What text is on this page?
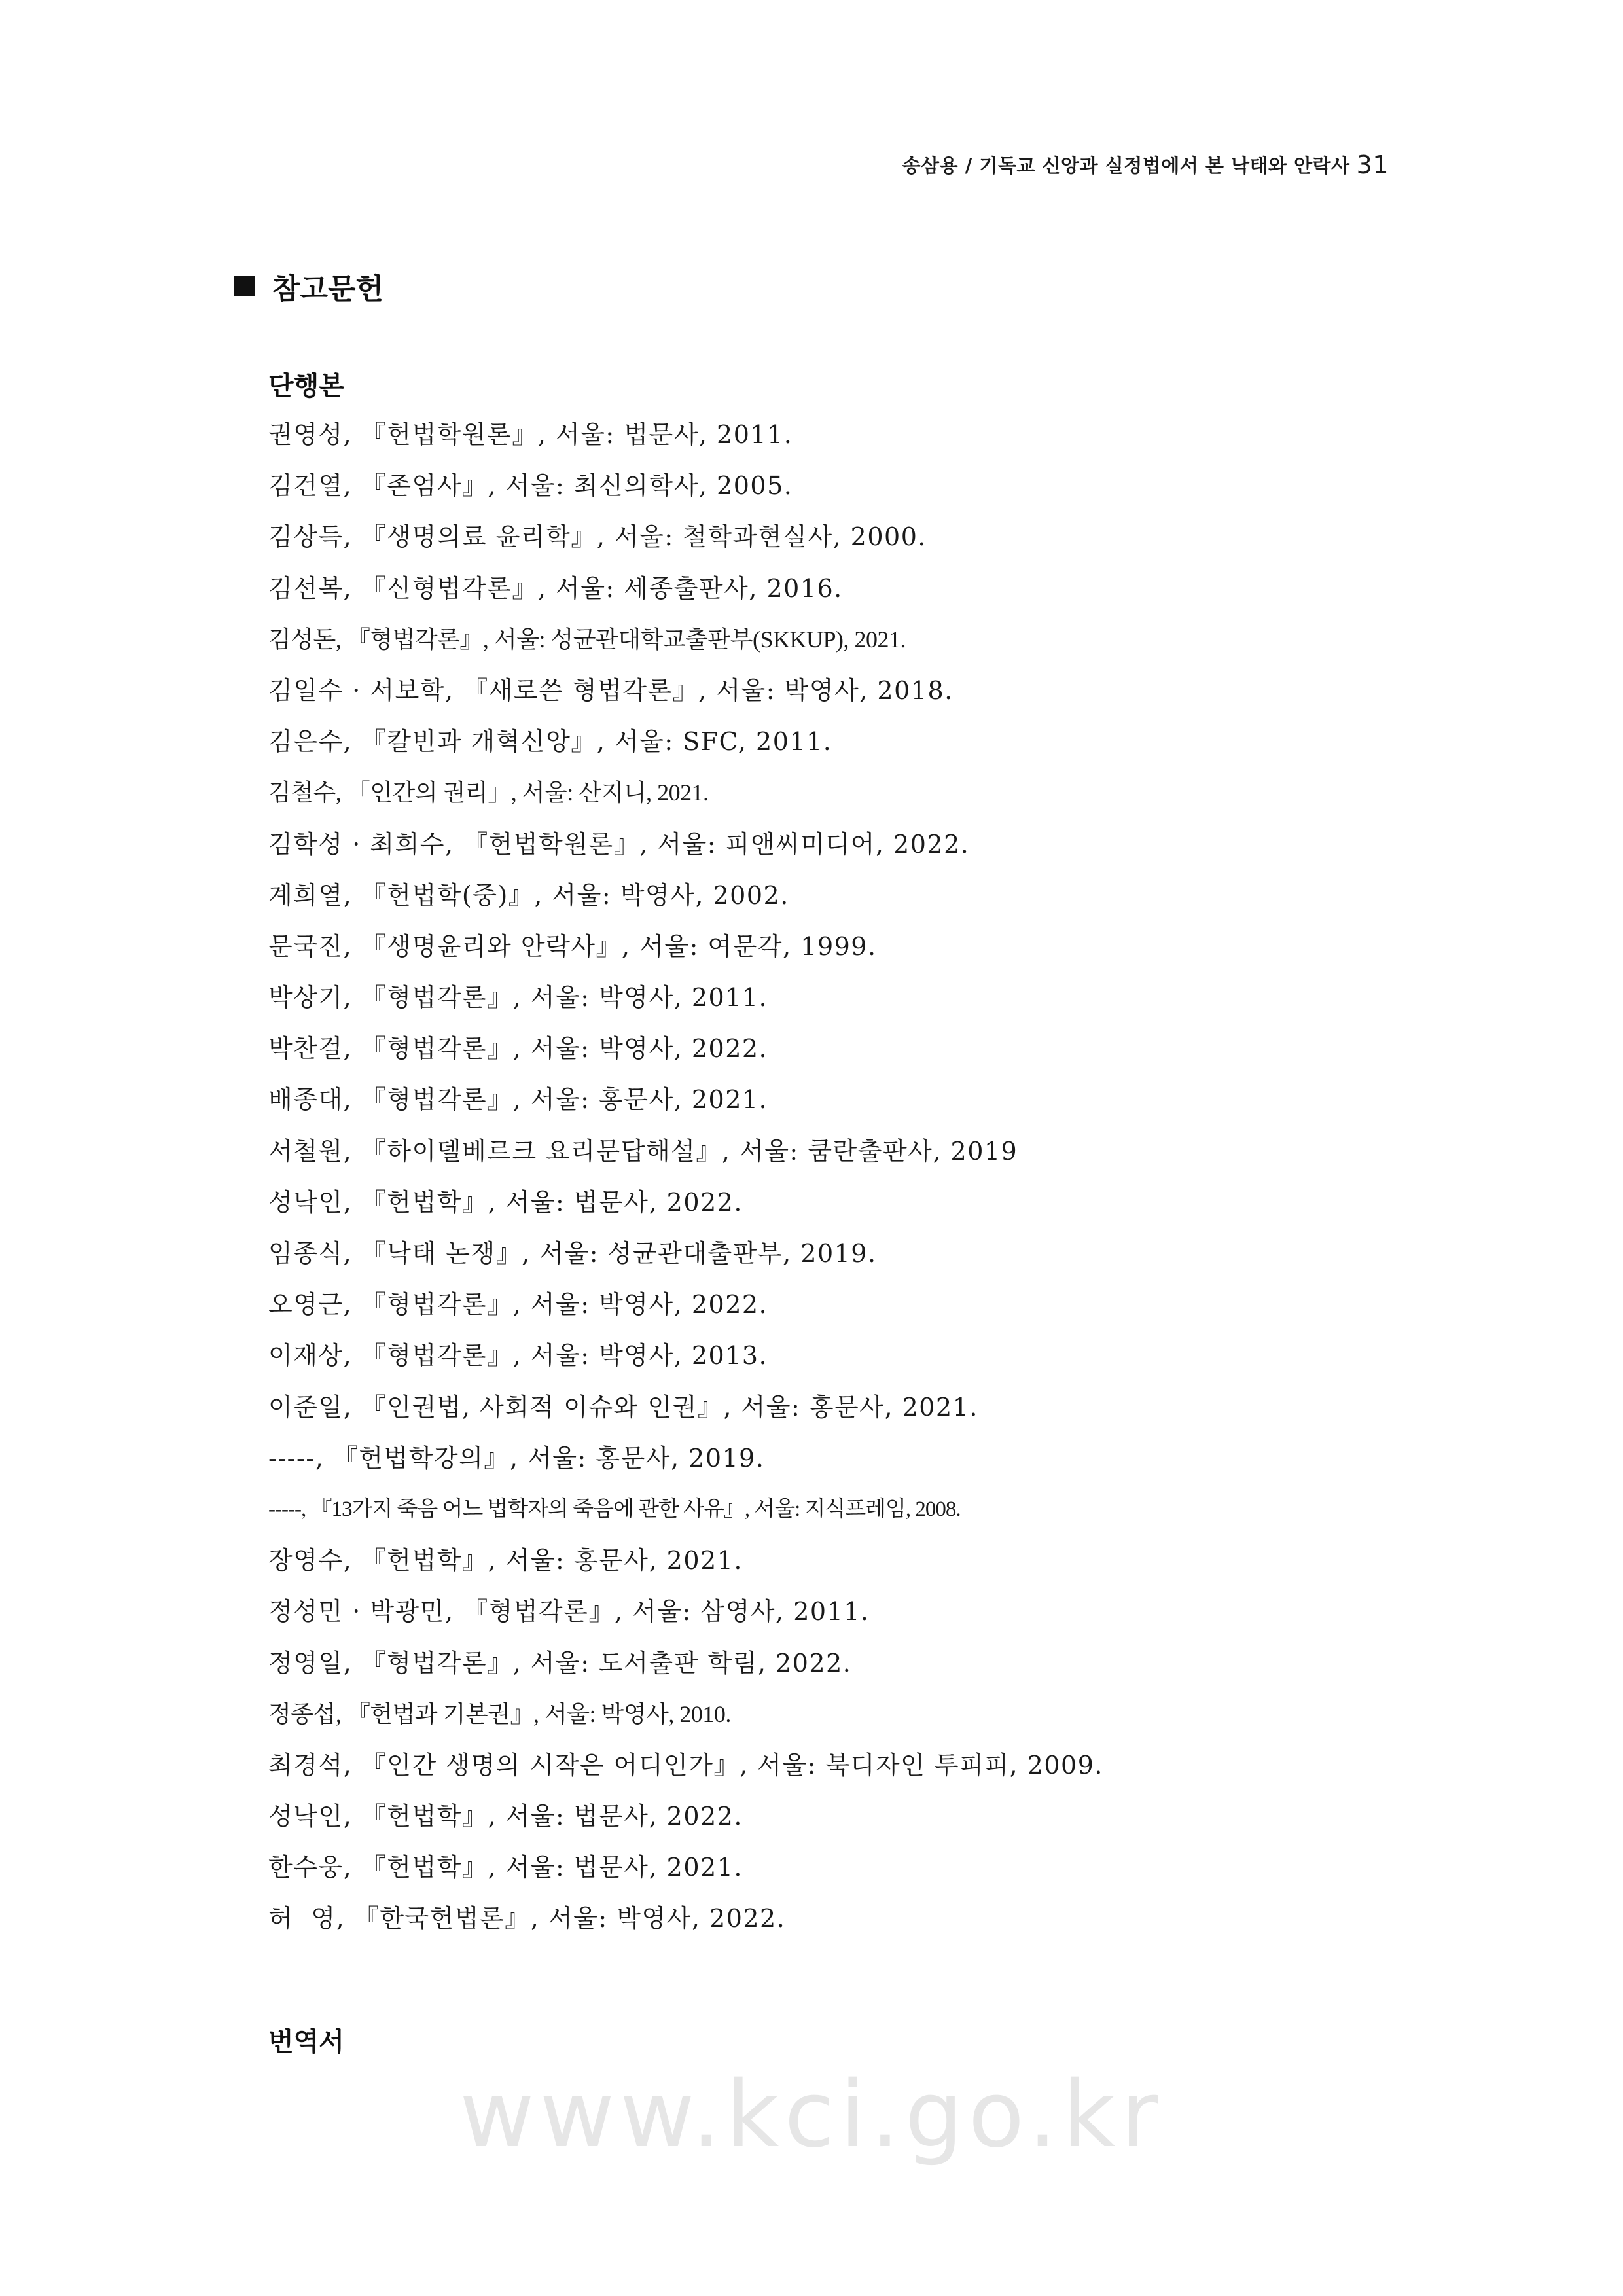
송삼용 / 기독교 신앙과 실정법에서 본 낙태와 안락사 31
참고문헌
단행본
권영성, 『헌법학원론』, 서울: 법문사, 2011.
김건열, 『존엄사』, 서울: 최신의학사, 2005.
김상득, 『생명의료 윤리학』, 서울: 철학과현실사, 2000.
김선복, 『신형법각론』, 서울: 세종출판사, 2016.
김성돈, 『형법각론』, 서울: 성균관대학교출판부(SKKUP), 2021.
김일수 · 서보학, 『새로쓴 형법각론』, 서울: 박영사, 2018.
김은수, 『칼빈과 개혁신앙』, 서울: SFC, 2011.
김철수, 「인간의 권리」, 서울: 산지니, 2021.
김학성 · 최희수, 『헌법학원론』, 서울: 피앤씨미디어, 2022.
계희열, 『헌법학(중)』, 서울: 박영사, 2002.
문국진, 『생명윤리와 안락사』, 서울: 여문각, 1999.
박상기, 『형법각론』, 서울: 박영사, 2011.
박찬걸, 『형법각론』, 서울: 박영사, 2022.
배종대, 『형법각론』, 서울: 홍문사, 2021.
서철원, 『하이델베르크 요리문답해설』, 서울: 쿰란출판사, 2019
성낙인, 『헌법학』, 서울: 법문사, 2022.
임종식, 『낙태 논쟁』, 서울: 성균관대출판부, 2019.
오영근, 『형법각론』, 서울: 박영사, 2022.
이재상, 『형법각론』, 서울: 박영사, 2013.
이준일, 『인권법, 사회적 이슈와 인권』, 서울: 홍문사, 2021.
-----, 『헌법학강의』, 서울: 홍문사, 2019.
-----, 『13가지 죽음 어느 법학자의 죽음에 관한 사유』, 서울: 지식프레임, 2008.
장영수, 『헌법학』, 서울: 홍문사, 2021.
정성민 · 박광민, 『형법각론』, 서울: 삼영사, 2011.
정영일, 『형법각론』, 서울: 도서출판 학림, 2022.
정종섭, 『헌법과 기본권』, 서울: 박영사, 2010.
최경석, 『인간 생명의 시작은 어디인가』, 서울: 북디자인 투피피, 2009.
성낙인, 『헌법학』, 서울: 법문사, 2022.
한수웅, 『헌법학』, 서울: 법문사, 2021.
허  영, 『한국헌법론』, 서울: 박영사, 2022.
번역서
www.kci.go.kr
